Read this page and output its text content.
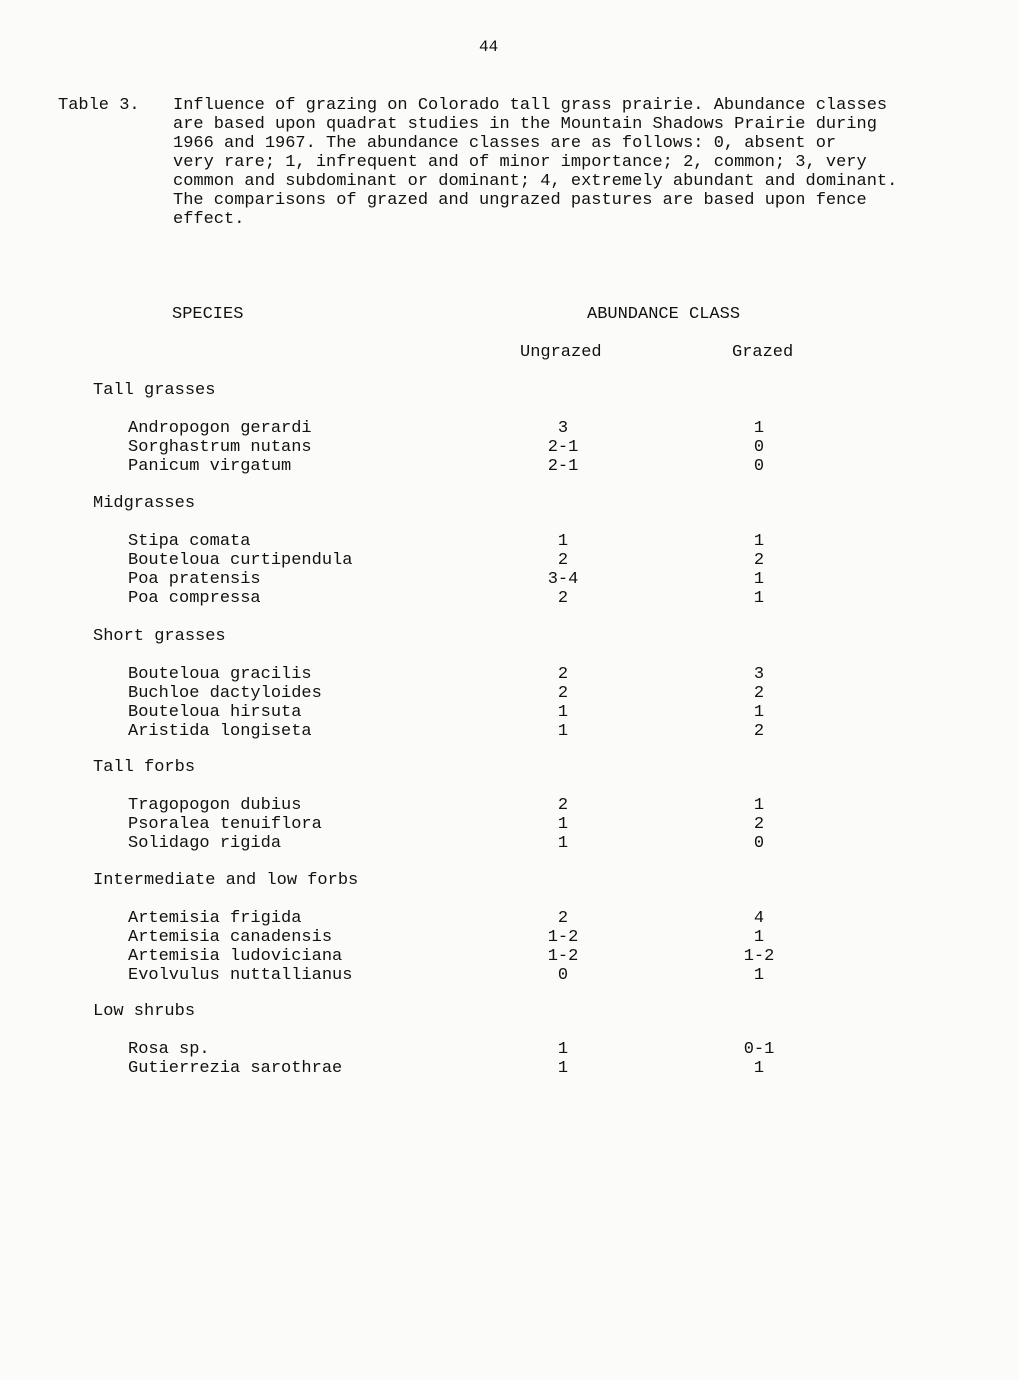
44
Table 3. Influence of grazing on Colorado tall grass prairie. Abundance classes
are based upon quadrat studies in the Mountain Shadows Prairie during
1966 and 1967. The abundance classes are as follows: 0, absent or
very rare; 1, infrequent and of minor importance; 2, common; 3, very
common and subdominant or dominant; 4, extremely abundant and dominant.
The comparisons of grazed and ungrazed pastures are based upon fence
effect.
SPECIES	ABUNDANCE CLASS
Ungrazed	Grazed
Tall grasses
Andropogon gerardi	3	1
Sorghastrum nutans	2-1	0
Panicum virgatum	2-1	0
Midgrasses
Stipa comata	1	1
Bouteloua curtipendula	2	2
Poa pratensis	3-4	1
Poa compressa	2	1
Short grasses
Bouteloua gracilis	2	3
Buchloe dactyloides	2	2
Bouteloua hirsuta	1	1
Aristida longiseta	1	2
Tall forbs
Tragopogon dubius	2	1
Psoralea tenuiflora	1	2
Solidago rigida	1	0
Intermediate and low forbs
Artemisia frigida	2	4
Artemisia canadensis	1-2	1
Artemisia ludoviciana	1-2	1-2
Evolvulus nuttallianus	0	1
Low shrubs
Rosa sp.	1	0-1
Gutierrezia sarothrae	1	1
